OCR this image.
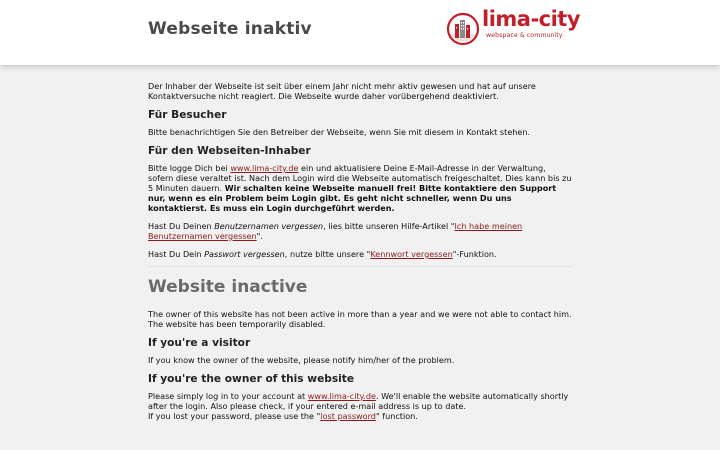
Webseite inaktiv	lima-city
webspace & community

Der Inhaber der Webseite ist seit über einem Jahr nicht mehr aktiv gewesen und hat auf unsere Kontaktversuche nicht reagiert. Die Webseite wurde daher vorübergehend deaktiviert.

Für Besucher

Bitte benachrichtigen Sie den Betreiber der Webseite, wenn Sie mit diesem in Kontakt stehen.

Für den Webseiten-Inhaber

Bitte logge Dich bei www.lima-city.de ein und aktualisiere Deine E-Mail-Adresse in der Verwaltung, sofern diese veraltet ist. Nach dem Login wird die Webseite automatisch freigeschaltet. Dies kann bis zu 5 Minuten dauern. Wir schalten keine Webseite manuell frei! Bitte kontaktiere den Support nur, wenn es ein Problem beim Login gibt. Es geht nicht schneller, wenn Du uns kontaktierst. Es muss ein Login durchgeführt werden.

Hast Du Deinen Benutzernamen vergessen, lies bitte unseren Hilfe-Artikel "Ich habe meinen Benutzernamen vergessen".

Hast Du Dein Passwort vergessen, nutze bitte unsere "Kennwort vergessen"-Funktion.

Website inactive

The owner of this website has not been active in more than a year and we were not able to contact him. The website has been temporarily disabled.

If you're a visitor

If you know the owner of the website, please notify him/her of the problem.

If you're the owner of this website

Please simply log in to your account at www.lima-city.de. We'll enable the website automatically shortly after the login. Also please check, if your entered e-mail address is up to date.
If you lost your password, please use the "lost password" function.
